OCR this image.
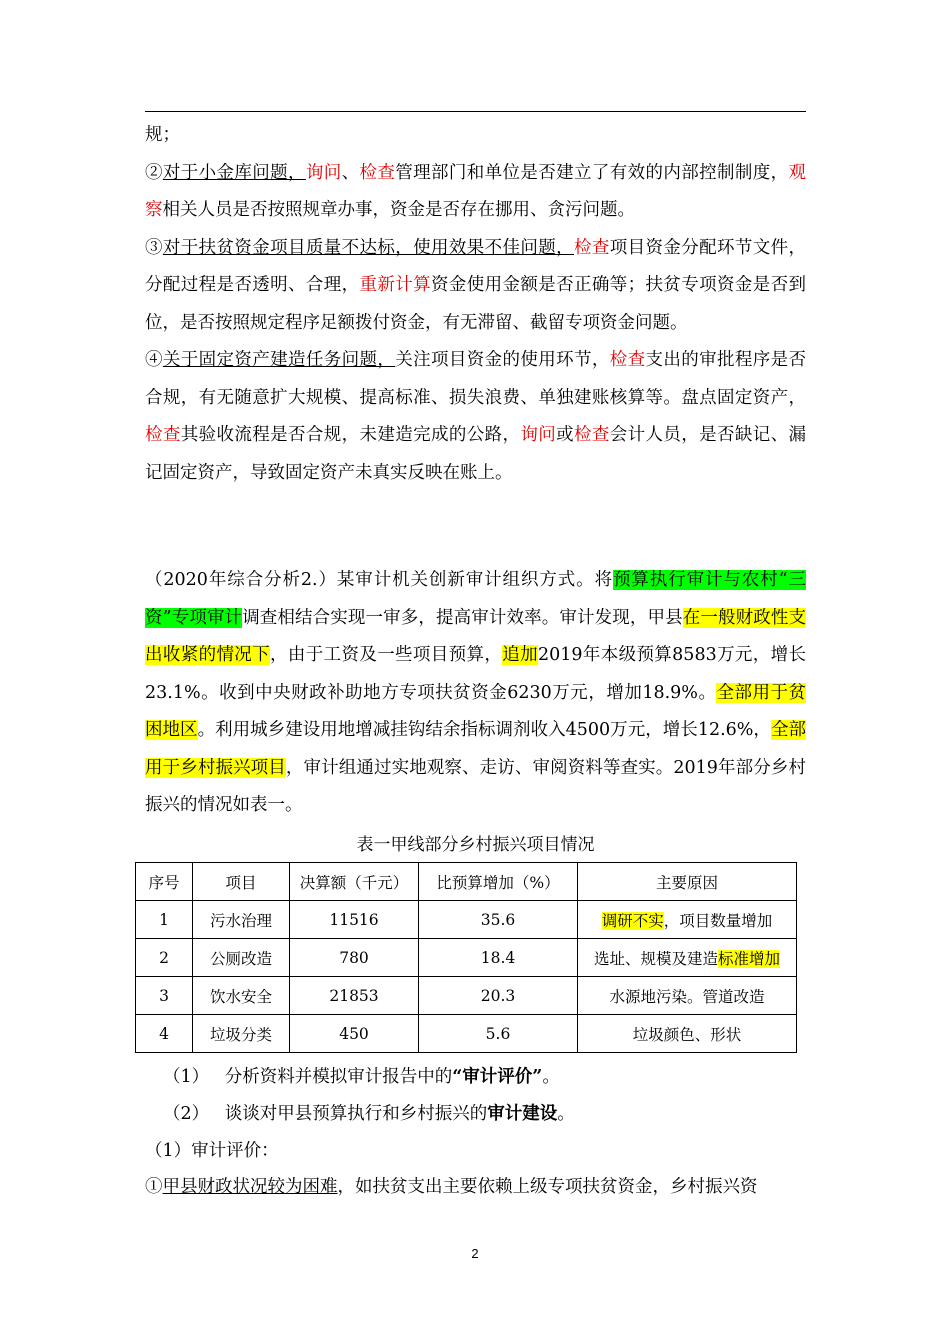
规；

②对于小金库问题，询问、检查管理部门和单位是否建立了有效的内部控制制度，观察相关人员是否按照规章办事，资金是否存在挪用、贪污问题。

③对于扶贫资金项目质量不达标，使用效果不佳问题，检查项目资金分配环节文件，分配过程是否透明、合理，重新计算资金使用金额是否正确等；扶贫专项资金是否到位，是否按照规定程序足额拨付资金，有无滞留、截留专项资金问题。

④关于固定资产建造任务问题，关注项目资金的使用环节，检查支出的审批程序是否合规，有无随意扩大规模、提高标准、损失浪费、单独建账核算等。盘点固定资产，检查其验收流程是否合规，未建造完成的公路，询问或检查会计人员，是否缺记、漏记固定资产，导致固定资产未真实反映在账上。

（2020年综合分析2.）某审计机关创新审计组织方式。将预算执行审计与农村“三资”专项审计调查相结合实现一审多，提高审计效率。审计发现，甲县在一般财政性支出收紧的情况下，由于工资及一些项目预算，追加2019年本级预算8583万元，增长23.1%。收到中央财政补助地方专项扶贫资金6230万元，增加18.9%。全部用于贫困地区。利用城乡建设用地增减挂钩结余指标调剂收入4500万元，增长12.6%，全部用于乡村振兴项目，审计组通过实地观察、走访、审阅资料等查实。2019年部分乡村振兴的情况如表一。

表一甲线部分乡村振兴项目情况
序号	项目	决算额（千元）	比预算增加（%）	主要原因
1	污水治理	11516	35.6	调研不实，项目数量增加
2	公厕改造	780	18.4	选址、规模及建造标准增加
3	饮水安全	21853	20.3	水源地污染。管道改造
4	垃圾分类	450	5.6	垃圾颜色、形状
（1） 分析资料并模拟审计报告中的“审计评价”。
（2） 谈谈对甲县预算执行和乡村振兴的审计建设。
（1）审计评价：
①甲县财政状况较为困难，如扶贫支出主要依赖上级专项扶贫资金，乡村振兴资
2
